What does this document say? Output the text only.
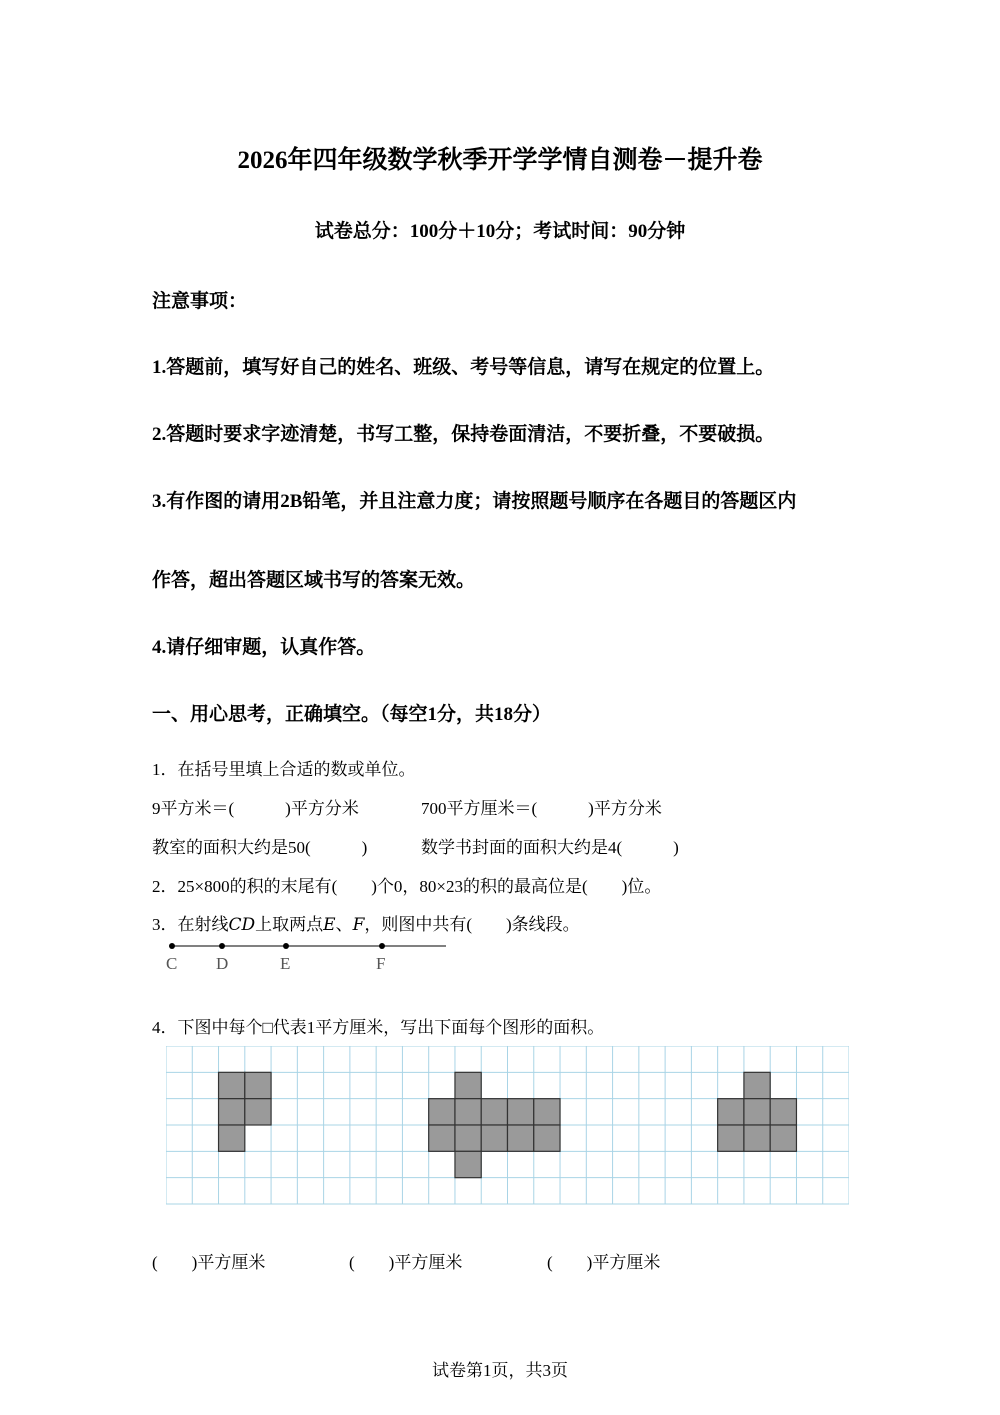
2026年四年级数学秋季开学学情自测卷－提升卷
试卷总分：100分＋10分；考试时间：90分钟
注意事项：
1.答题前，填写好自己的姓名、班级、考号等信息，请写在规定的位置上。
2.答题时要求字迹清楚，书写工整，保持卷面清洁，不要折叠，不要破损。
3.有作图的请用2B铅笔，并且注意力度；请按照题号顺序在各题目的答题区内
作答，超出答题区域书写的答案无效。
4.请仔细审题，认真作答。
一、用心思考，正确填空。（每空1分，共18分）
1．在括号里填上合适的数或单位。
9平方米＝(　　　)平方分米	700平方厘米＝(　　　)平方分米
教室的面积大约是50(　　　)	数学书封面的面积大约是4(　　　)
2．25×800的积的末尾有(　　)个0，80×23的积的最高位是(　　)位。
3．在射线CD上取两点E、F，则图中共有(　　)条线段。
C D	E	F
4．下图中每个□代表1平方厘米，写出下面每个图形的面积。
(　　)平方厘米	(　　)平方厘米	(　　)平方厘米
试卷第1页，共3页
